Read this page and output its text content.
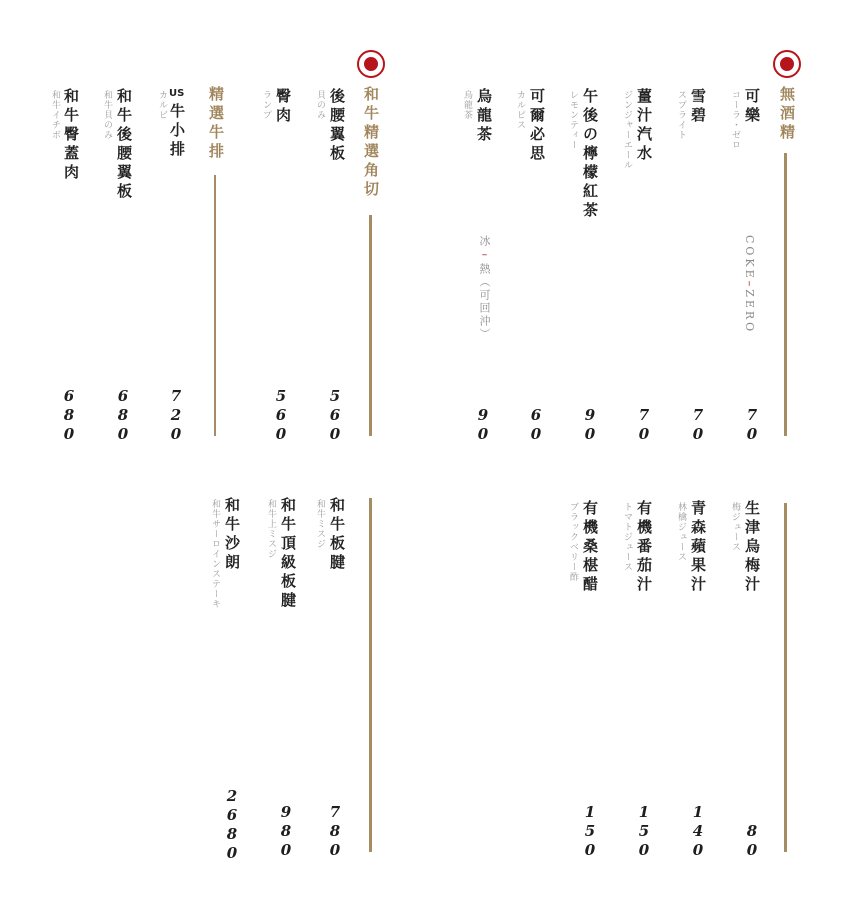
無酒精
可樂
コーラ・ゼロ
COKE–ZERO
7
0
雪碧
スプライト
7
0
薑汁汽水
ジンジャーエール
7
0
午後の檸檬紅茶
レモンティー
9
0
可爾必思
カルピス
6
0
烏龍茶
烏龍茶
冰–熱（可回沖）
9
0
生津烏梅汁
梅ジュース
8
0
青森蘋果汁
林檎ジュース
1
4
0
有機番茄汁
トマトジュース
1
5
0
有機桑椹醋
ブラックベリー酢
1
5
0
和牛精選角切
後腰翼板
貝のみ
5
6
0
臀肉
ランプ
5
6
0
精選牛排
US
牛小排
カルビ
7
2
0
和牛後腰翼板
和牛貝のみ
6
8
0
和牛臀蓋肉
和牛イチボ
6
8
0
和牛板腱
和牛ミスジ
7
8
0
和牛頂級板腱
和牛上ミスジ
9
8
0
和牛沙朗
和牛サーロインステーキ
2
6
8
0
